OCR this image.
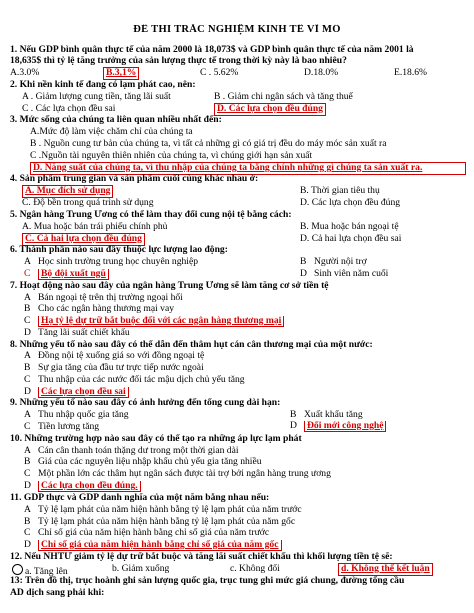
ĐỀ THI TRẮC NGHIỆM KINH TẾ VĨ MÔ
1. Nếu GDP bình quân thực tế của năm 2000 là 18,073$ và GDP bình quân thực tế của năm 2001 là
18,635$ thì tỷ lệ tăng trưởng của sản lượng thực tế trong thời kỳ này là bao nhiêu?
A.3.0%	B.3,1%	C . 5.62%	D.18.0%	E.18.6%
2. Khi nền kinh tế đang có lạm phát cao, nên:
A . Giảm lượng cung tiền, tăng lãi suất	B . Giảm chi ngân sách và tăng thuế
C . Các lựa chọn đều sai	D. Các lựa chọn đều đúng
3. Mức sống của chúng ta liên quan nhiều nhất đến:
A.Mức độ làm việc chăm chỉ của chúng ta
B . Nguồn cung tư bản của chúng ta, vì tất cả những gì có giá trị đều do máy móc sản xuất ra
C .Nguồn tài nguyên thiên nhiên của chúng ta, vì chúng giới hạn sản xuất
D. Năng suất của chúng ta, vì thu nhập của chúng ta bằng chính những gì chúng ta sản xuất ra.
4. Sản phẩm trung gian và sản phẩm cuối cùng khác nhau ở:
A. Mục đích sử dụng	B. Thời gian tiêu thụ
C. Độ bền trong quá trình sử dụng	D. Các lựa chọn đều đúng
5. Ngân hàng Trung Ương có thể làm thay đổi cung nội tệ bằng cách:
A. Mua hoặc bán trái phiếu chính phủ	B. Mua hoặc bán ngoại tệ
C. Cả hai lựa chọn đều đúng	D. Cả hai lựa chọn đều sai
6. Thành phần nào sau đây thuộc lực lượng lao động:
A Học sinh trường trung học chuyên nghiệp	B Người nội trợ
C Bộ đội xuất ngũ	D Sinh viên năm cuối
7. Hoạt động nào sau đây của ngân hàng Trung Ương sẽ làm tăng cơ sở tiền tệ
A Bán ngoại tệ trên thị trường ngoại hối
B Cho các ngân hàng thương mại vay
C Hạ tỷ lệ dự trữ bắt buộc đối với các ngân hàng thương mại
D Tăng lãi suất chiết khấu
8. Những yếu tố nào sau đây có thể dẫn đến thâm hụt cán cân thương mại của một nước:
A Đồng nội tệ xuống giá so với đồng ngoại tệ
B Sự gia tăng của đầu tư trực tiếp nước ngoài
C Thu nhập của các nước đối tác mậu dịch chủ yếu tăng
D Các lựa chọn đều sai
9. Những yếu tố nào sau đây có ảnh hưởng đến tổng cung dài hạn:
A Thu nhập quốc gia tăng	B Xuất khẩu tăng
C Tiền lương tăng	D Đổi mới công nghệ
10. Những trường hợp nào sau đây có thể tạo ra những áp lực lạm phát
A Cán cân thanh toán thặng dư trong một thời gian dài
B Giá của các nguyên liệu nhập khẩu chủ yếu gia tăng nhiều
C Một phần lớn các thâm hụt ngân sách được tài trợ bởi ngân hàng trung ương
D Các lựa chọn đều đúng.
11. GDP thực và GDP danh nghĩa của một năm bằng nhau nếu:
A Tỷ lệ lạm phát của năm hiện hành bằng tỷ lệ lạm phát của năm trước
B Tỷ lệ lạm phát của năm hiện hành bằng tỷ lệ lạm phát của năm gốc
C Chỉ số giá của năm hiện hành bằng chỉ số giá của năm trước
D Chỉ số giá của năm hiện hành bằng chỉ số giá của năm gốc
12. Nếu NHTƯ giảm tỷ lệ dự trữ bắt buộc và tăng lãi suất chiết khấu thì khối lượng tiền tệ sẽ:
a. Tăng lên	b. Giảm xuống	c. Không đổi	d. Không thể kết luận
13: Trên đồ thị, trục hoành ghi sản lượng quốc gia, trục tung ghi mức giá chung, đường tổng cầu
AD dịch sang phải khi:
